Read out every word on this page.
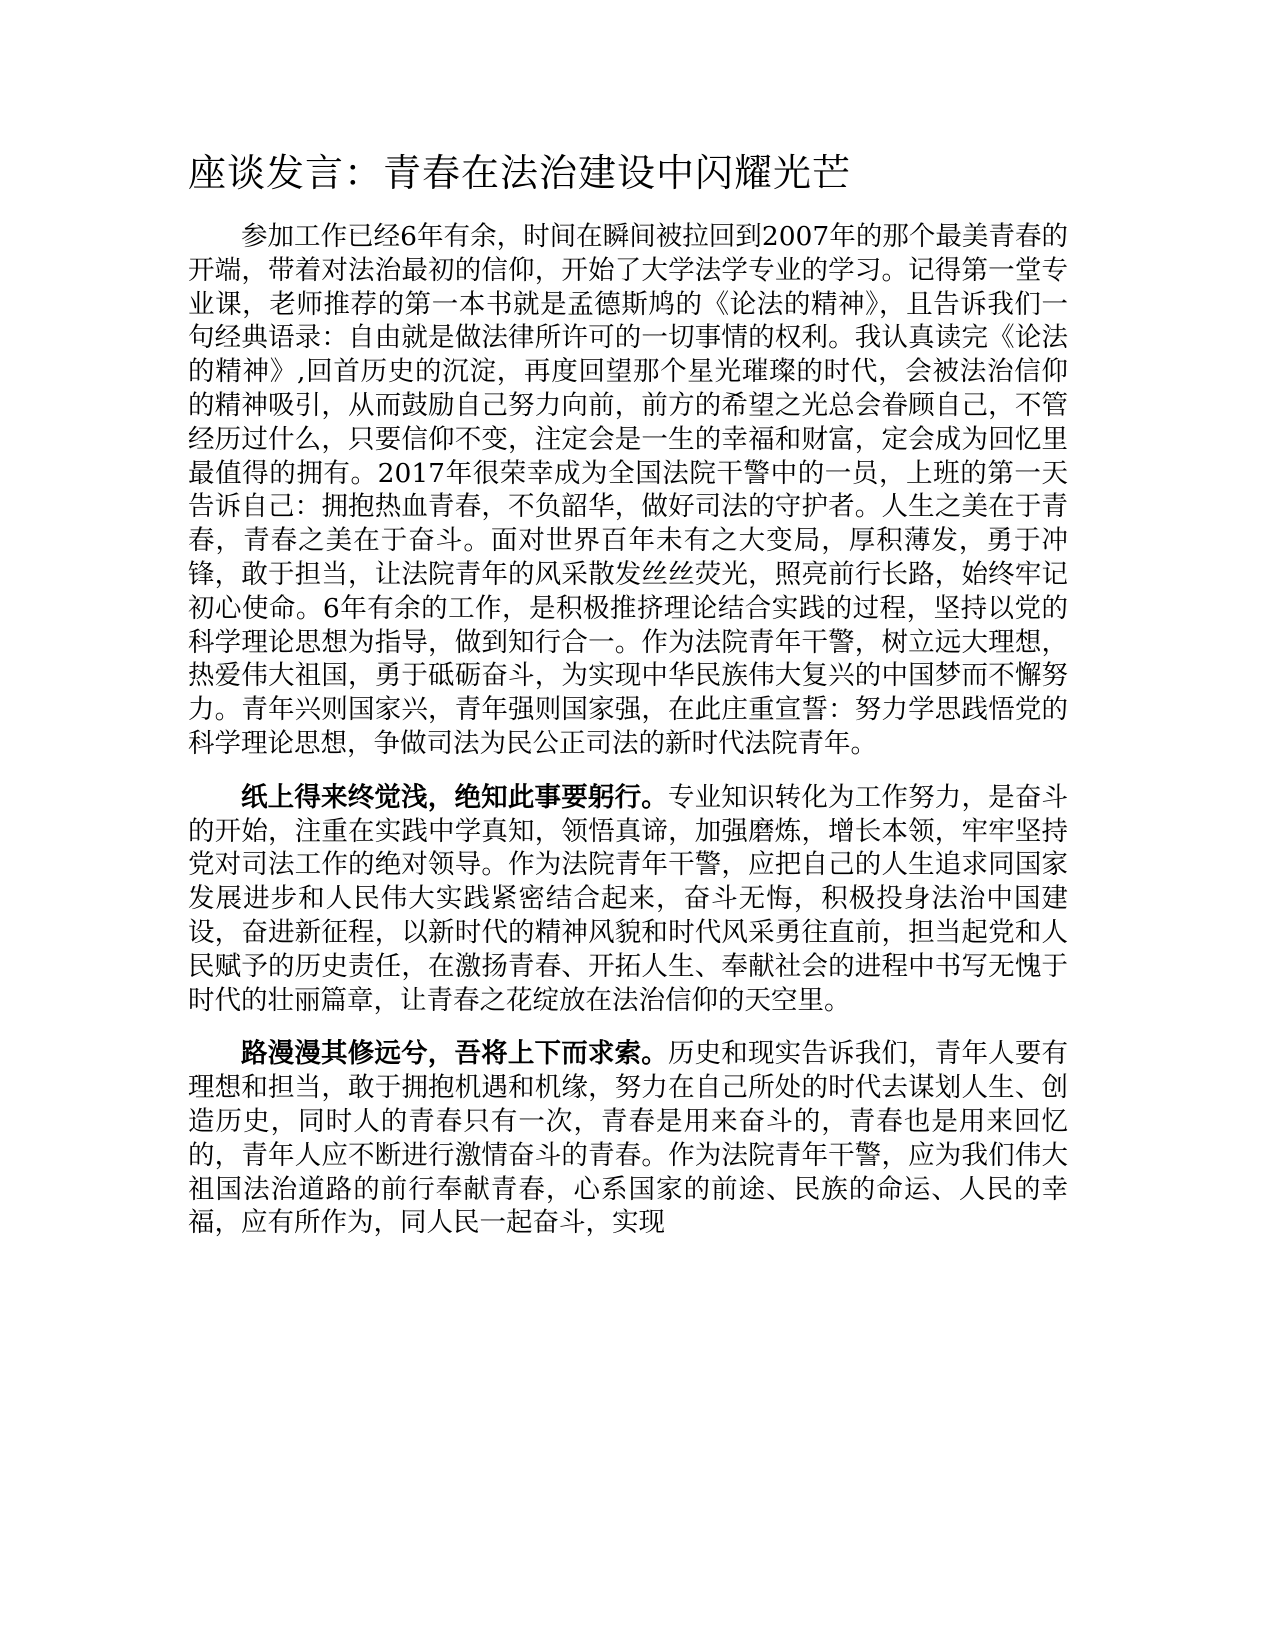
座谈发言：青春在法治建设中闪耀光芒

参加工作已经6年有余，时间在瞬间被拉回到2007年的那个最美青春的开端，带着对法治最初的信仰，开始了大学法学专业的学习。记得第一堂专业课，老师推荐的第一本书就是孟德斯鸠的《论法的精神》，且告诉我们一句经典语录：自由就是做法律所许可的一切事情的权利。我认真读完《论法的精神》,回首历史的沉淀，再度回望那个星光璀璨的时代，会被法治信仰的精神吸引，从而鼓励自己努力向前，前方的希望之光总会眷顾自己，不管经历过什么，只要信仰不变，注定会是一生的幸福和财富，定会成为回忆里最值得的拥有。2017年很荣幸成为全国法院干警中的一员，上班的第一天告诉自己：拥抱热血青春，不负韶华，做好司法的守护者。人生之美在于青春，青春之美在于奋斗。面对世界百年未有之大变局，厚积薄发，勇于冲锋，敢于担当，让法院青年的风采散发丝丝荧光，照亮前行长路，始终牢记初心使命。6年有余的工作，是积极推挤理论结合实践的过程，坚持以党的科学理论思想为指导，做到知行合一。作为法院青年干警，树立远大理想，热爱伟大祖国，勇于砥砺奋斗，为实现中华民族伟大复兴的中国梦而不懈努力。青年兴则国家兴，青年强则国家强，在此庄重宣誓：努力学思践悟党的科学理论思想，争做司法为民公正司法的新时代法院青年。

纸上得来终觉浅，绝知此事要躬行。专业知识转化为工作努力，是奋斗的开始，注重在实践中学真知，领悟真谛，加强磨炼，增长本领，牢牢坚持党对司法工作的绝对领导。作为法院青年干警，应把自己的人生追求同国家发展进步和人民伟大实践紧密结合起来，奋斗无悔，积极投身法治中国建设，奋进新征程，以新时代的精神风貌和时代风采勇往直前，担当起党和人民赋予的历史责任，在激扬青春、开拓人生、奉献社会的进程中书写无愧于时代的壮丽篇章，让青春之花绽放在法治信仰的天空里。

路漫漫其修远兮，吾将上下而求索。历史和现实告诉我们，青年人要有理想和担当，敢于拥抱机遇和机缘，努力在自己所处的时代去谋划人生、创造历史，同时人的青春只有一次，青春是用来奋斗的，青春也是用来回忆的，青年人应不断进行激情奋斗的青春。作为法院青年干警，应为我们伟大祖国法治道路的前行奉献青春，心系国家的前途、民族的命运、人民的幸福，应有所作为，同人民一起奋斗，实现
